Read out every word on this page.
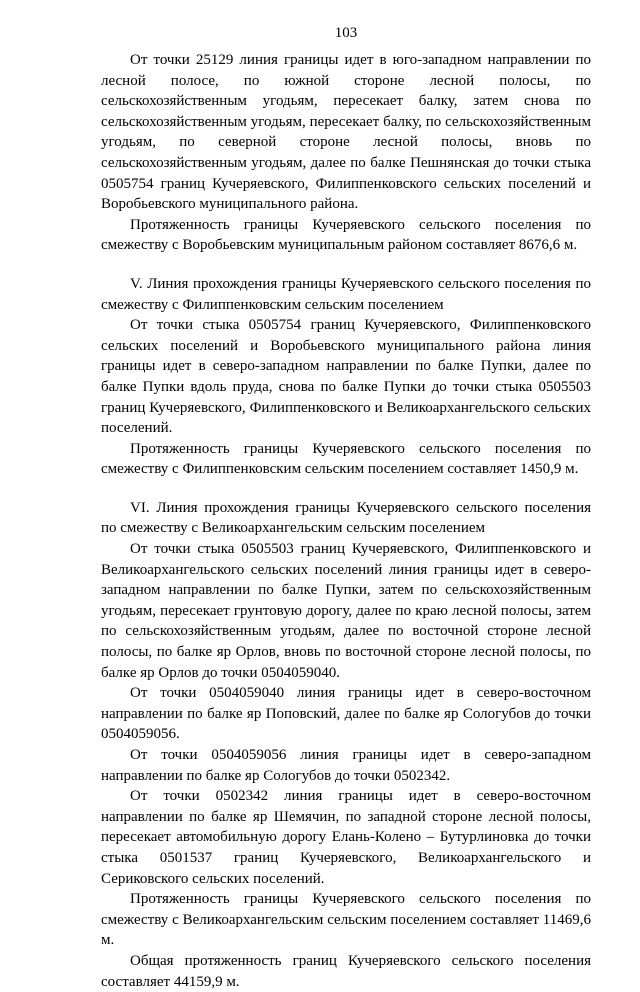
103

От точки 25129 линия границы идет в юго-западном направлении по лесной полосе, по южной стороне лесной полосы, по сельскохозяйственным угодьям, пересекает балку, затем снова по сельскохозяйственным угодьям, пересекает балку, по сельскохозяйственным угодьям, по северной стороне лесной полосы, вновь по сельскохозяйственным угодьям, далее по балке Пешнянская до точки стыка 0505754 границ Кучеряевского, Филиппенковского сельских поселений и Воробьевского муниципального района.

Протяженность границы Кучеряевского сельского поселения по смежеству с Воробьевским муниципальным районом составляет 8676,6 м.

V. Линия прохождения границы Кучеряевского сельского поселения по смежеству с Филиппенковским сельским поселением

От точки стыка 0505754 границ Кучеряевского, Филиппенковского сельских поселений и Воробьевского муниципального района линия границы идет в северо-западном направлении по балке Пупки, далее по балке Пупки вдоль пруда, снова по балке Пупки до точки стыка 0505503 границ Кучеряевского, Филиппенковского и Великоархангельского сельских поселений.

Протяженность границы Кучеряевского сельского поселения по смежеству с Филиппенковским сельским поселением составляет 1450,9 м.

VI. Линия прохождения границы Кучеряевского сельского поселения по смежеству с Великоархангельским сельским поселением

От точки стыка 0505503 границ Кучеряевского, Филиппенковского и Великоархангельского сельских поселений линия границы идет в северо-западном направлении по балке Пупки, затем по сельскохозяйственным угодьям, пересекает грунтовую дорогу, далее по краю лесной полосы, затем по сельскохозяйственным угодьям, далее по восточной стороне лесной полосы, по балке яр Орлов, вновь по восточной стороне лесной полосы, по балке яр Орлов до точки 0504059040.

От точки 0504059040 линия границы идет в северо-восточном направлении по балке яр Поповский, далее по балке яр Сологубов до точки 0504059056.

От точки 0504059056 линия границы идет в северо-западном направлении по балке яр Сологубов до точки 0502342.

От точки 0502342 линия границы идет в северо-восточном направлении по балке яр Шемячин, по западной стороне лесной полосы, пересекает автомобильную дорогу Елань-Колено – Бутурлиновка до точки стыка 0501537 границ Кучеряевского, Великоархангельского и Сериковского сельских поселений.

Протяженность границы Кучеряевского сельского поселения по смежеству с Великоархангельским сельским поселением составляет 11469,6 м.

Общая протяженность границ Кучеряевского сельского поселения составляет 44159,9 м.
